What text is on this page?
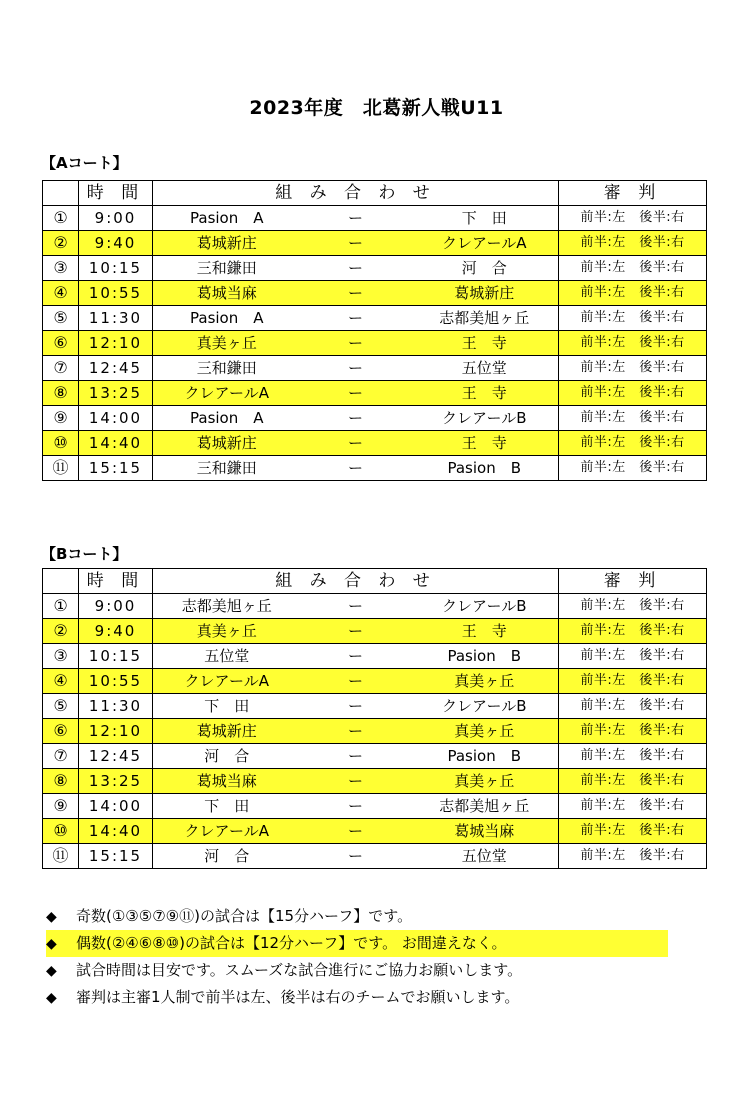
2023年度　北葛新人戦U11
【Aコート】
	時 間	組 み 合 わ せ			審 判
①	9:00	Pasion　A	ー	下　田	前半:左　後半:右
②	9:40	葛城新庄	ー	クレアールA	前半:左　後半:右
③	10:15	三和鎌田	ー	河　合	前半:左　後半:右
④	10:55	葛城当麻	ー	葛城新庄	前半:左　後半:右
⑤	11:30	Pasion　A	ー	志都美旭ヶ丘	前半:左　後半:右
⑥	12:10	真美ヶ丘	ー	王　寺	前半:左　後半:右
⑦	12:45	三和鎌田	ー	五位堂	前半:左　後半:右
⑧	13:25	クレアールA	ー	王　寺	前半:左　後半:右
⑨	14:00	Pasion　A	ー	クレアールB	前半:左　後半:右
⑩	14:40	葛城新庄	ー	王　寺	前半:左　後半:右
⑪	15:15	三和鎌田	ー	Pasion　B	前半:左　後半:右
【Bコート】
	時 間	組 み 合 わ せ			審 判
①	9:00	志都美旭ヶ丘	ー	クレアールB	前半:左　後半:右
②	9:40	真美ヶ丘	ー	王　寺	前半:左　後半:右
③	10:15	五位堂	ー	Pasion　B	前半:左　後半:右
④	10:55	クレアールA	ー	真美ヶ丘	前半:左　後半:右
⑤	11:30	下　田	ー	クレアールB	前半:左　後半:右
⑥	12:10	葛城新庄	ー	真美ヶ丘	前半:左　後半:右
⑦	12:45	河　合	ー	Pasion　B	前半:左　後半:右
⑧	13:25	葛城当麻	ー	真美ヶ丘	前半:左　後半:右
⑨	14:00	下　田	ー	志都美旭ヶ丘	前半:左　後半:右
⑩	14:40	クレアールA	ー	葛城当麻	前半:左　後半:右
⑪	15:15	河　合	ー	五位堂	前半:左　後半:右
◆ 奇数(①③⑤⑦⑨⑪)の試合は【15分ハーフ】です。
◆ 偶数(②④⑥⑧⑩)の試合は【12分ハーフ】です。 お間違えなく。
◆ 試合時間は目安です。スムーズな試合進行にご協力お願いします。
◆ 審判は主審1人制で前半は左、後半は右のチームでお願いします。
